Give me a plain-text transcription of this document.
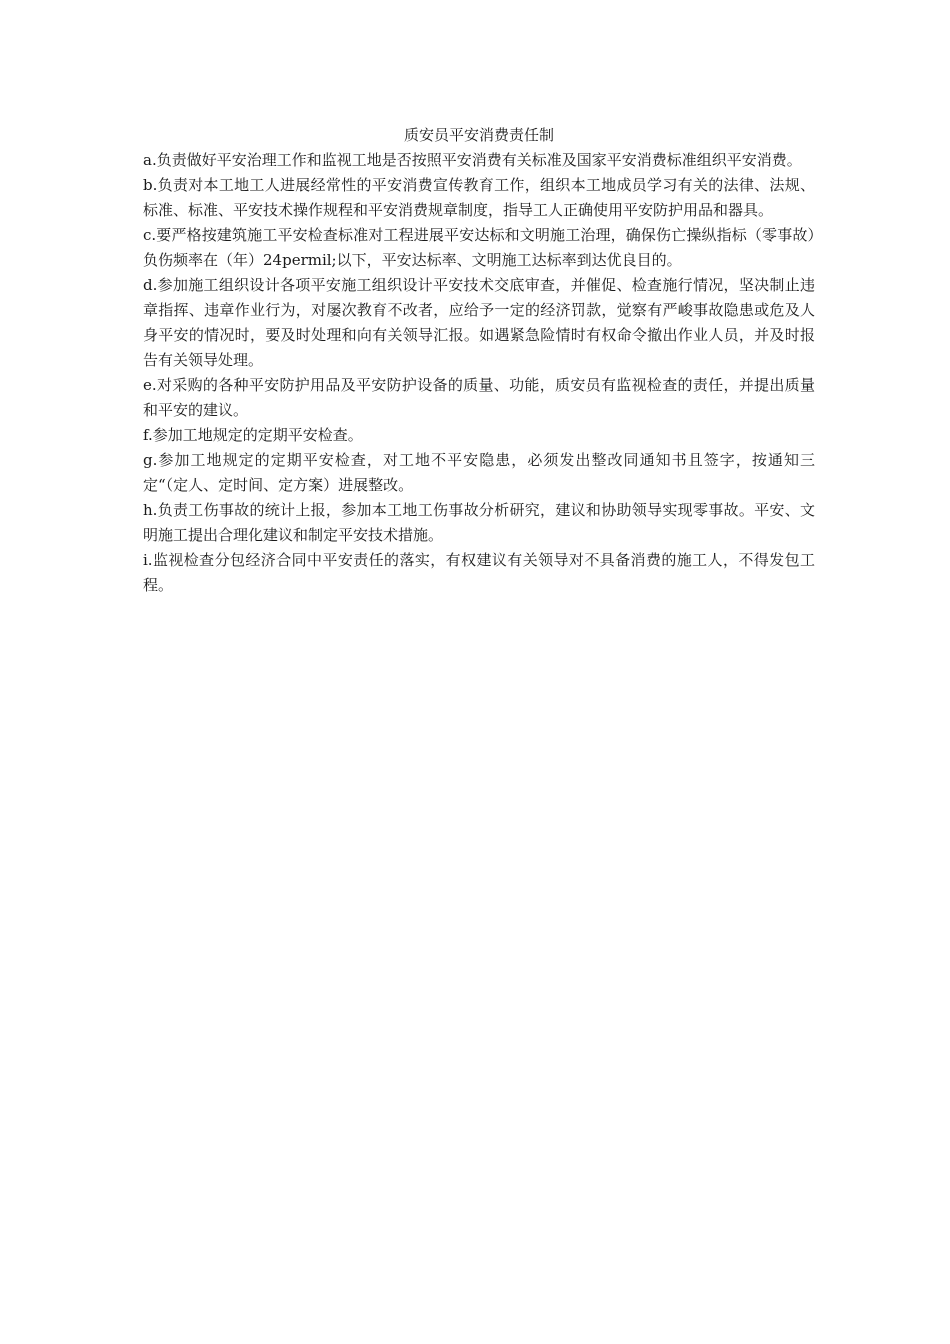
质安员平安消费责任制

a.负责做好平安治理工作和监视工地是否按照平安消费有关标准及国家平安消费标准组织平安消费。

b.负责对本工地工人进展经常性的平安消费宣传教育工作，组织本工地成员学习有关的法律、法规、标准、标准、平安技术操作规程和平安消费规章制度，指导工人正确使用平安防护用品和器具。

c.要严格按建筑施工平安检查标准对工程进展平安达标和文明施工治理，确保伤亡操纵指标（零事故）负伤频率在（年）24permil;以下，平安达标率、文明施工达标率到达优良目的。

d.参加施工组织设计各项平安施工组织设计平安技术交底审查，并催促、检查施行情况，坚决制止违章指挥、违章作业行为，对屡次教育不改者，应给予一定的经济罚款，觉察有严峻事故隐患或危及人身平安的情况时，要及时处理和向有关领导汇报。如遇紧急险情时有权命令撤出作业人员，并及时报告有关领导处理。

e.对采购的各种平安防护用品及平安防护设备的质量、功能，质安员有监视检查的责任，并提出质量和平安的建议。

f.参加工地规定的定期平安检查。

g.参加工地规定的定期平安检查，对工地不平安隐患，必须发出整改同通知书且签字，按通知三定“（定人、定时间、定方案）进展整改。

h.负责工伤事故的统计上报，参加本工地工伤事故分析研究，建议和协助领导实现零事故。平安、文明施工提出合理化建议和制定平安技术措施。

i.监视检查分包经济合同中平安责任的落实，有权建议有关领导对不具备消费的施工人，不得发包工程。
